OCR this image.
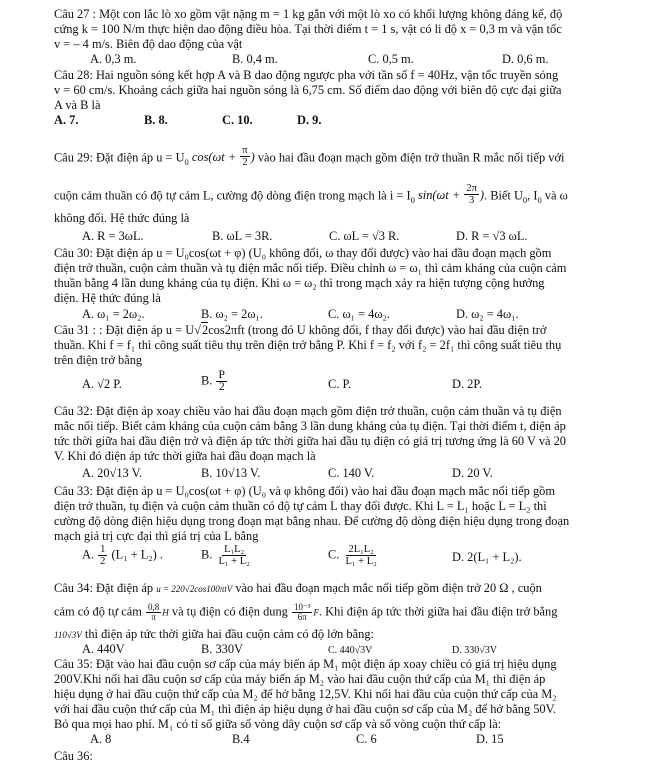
Câu 27 : Một con lắc lò xo gồm vật nặng m = 1 kg gắn với một lò xo có khối lượng không đáng kể, độ
cứng k = 100 N/m thực hiện dao động điều hòa. Tại thời điểm t = 1 s, vật có li độ x = 0,3 m và vận tốc
v = – 4 m/s. Biên độ dao động của vật
A. 0,3 m.	B. 0,4 m.	C. 0,5 m.	D. 0,6 m.
Câu 28: Hai nguồn sóng kết hợp A và B dao động ngược pha với tần số f = 40Hz, vận tốc truyền sóng
v = 60 cm/s. Khoảng cách giữa hai nguồn sóng là 6,75 cm. Số điểm dao động với biên độ cực đại giữa
A và B là
A. 7.	B. 8.	C. 10.	D. 9.
Câu 29: Đặt điện áp $u = U_0$ $\cos(\omega t + \frac{\pi}{2}$ ) vào hai đầu đoạn mạch gồm điện trở thuần R mắc nối tiếp với
cuộn cảm thuần có độ tự cảm L, cường độ dòng điện trong mạch là $i = I_0$ $\sin(\omega t + \frac{2\pi}{3}$ ). Biết $U_0$, $I_0$ và ω
không đổi. Hệ thức đúng là
A. R = 3ωL.	B. ωL = 3R.	C. ωL = √3 R.	D. R = √3 ωL.
Câu 30: Đặt điện áp u = U₀cos(ωt + φ) (U₀ không đổi, ω thay đổi được) vào hai đầu đoạn mạch gồm
điện trở thuần, cuộn cảm thuần và tụ điện mắc nối tiếp. Điều chỉnh ω = ω₁ thì cảm kháng của cuộn cảm
thuần bằng 4 lần dung kháng của tụ điện. Khi ω = ω₂ thì trong mạch xảy ra hiện tượng cộng hưởng
điện. Hệ thức đúng là
A. ω₁ = 2ω₂.	B. ω₂ = 2ω₁.	C. ω₁ = 4ω₂.	D. ω₂ = 4ω₁.
Câu 31 : : Đặt điện áp u = U√2cos2πft (trong đó U không đổi, f thay đổi được) vào hai đầu điện trở
thuần. Khi f = f₁ thì công suất tiêu thụ trên điện trở bằng P. Khi f = f₂ với f₂ = 2f₁ thì công suất tiêu thụ
trên điện trở bằng
A. √2 P.	B. $\frac{P}{2}$	C. P.	D. 2P.
Câu 32: Đặt điện áp xoay chiều vào hai đầu đoạn mạch gồm điện trở thuần, cuộn cảm thuần và tụ điện
mắc nối tiếp. Biết cảm kháng của cuộn cảm bằng 3 lần dung kháng của tụ điện. Tại thời điểm t, điện áp
tức thời giữa hai đầu điện trở và điện áp tức thời giữa hai đầu tụ điện có giá trị tương ứng là 60 V và 20
V. Khi đó điện áp tức thời giữa hai đầu đoạn mạch là
A. 20√13 V.	B. 10√13 V.	C. 140 V.	D. 20 V.
Câu 33: Đặt điện áp u = U₀cos(ωt + φ) (U₀ và φ không đổi) vào hai đầu đoạn mạch mắc nối tiếp gồm
điện trở thuần, tụ điện và cuộn cảm thuần có độ tự cảm L thay đổi được. Khi L = L₁ hoặc L = L₂ thì
cường độ dòng điện hiệu dụng trong đoạn mạt bằng nhau. Để cường độ dòng điện hiệu dụng trong đoạn
mạch giá trị cực đại thì giá trị của L bằng
A. $\frac{1}{2} (L_1 + L_2)$ .	B. $\frac{\text{L₁L₂}}{\text{L₁ + L₂}}$	C. $\frac{\text{2L₁L₂}}{\text{L₁ + L₂}}$	D. 2(L₁ + L₂).
Câu 34: Đặt điện áp u = 220√2cos100πtV vào hai đầu đoạn mạch mắc nối tiếp gồm điện trở 20 Ω , cuộn
cảm có độ tự cảm $\frac{0,8}{\pi}$ H và tụ điện có điện dung $\frac{\text{10⁻³}}{6\pi} F$. Khi điện áp tức thời giữa hai đầu điện trở bằng
110√3V thì điện áp tức thời giữa hai đầu cuộn cảm có độ lớn bằng:
A. 440V	B. 330V	C. 440√3V	D. 330√3V
Câu 35: Đặt vào hai đầu cuộn sơ cấp của máy biến áp M₁ một điện áp xoay chiều có giá trị hiệu dụng
200V.Khi nối hai đầu cuộn sơ cấp của máy biến áp M₂ vào hai đầu cuộn thứ cấp của M₁ thì điện áp
hiệu dụng ở hai đầu cuộn thứ cấp của M₂ để hở bằng 12,5V. Khi nối hai đầu của cuộn thứ cấp của M₂
với hai đầu cuộn thứ cấp của M₁ thì điện áp hiệu dụng ở hai đầu cuộn sơ cấp của M₂ để hở bằng 50V.
Bỏ qua mọi hao phí. M₁ có tỉ số giữa số vòng dây cuộn sơ cấp và số vòng cuộn thứ cấp là:
A. 8	B.4	C. 6	D. 15
Câu 36:
